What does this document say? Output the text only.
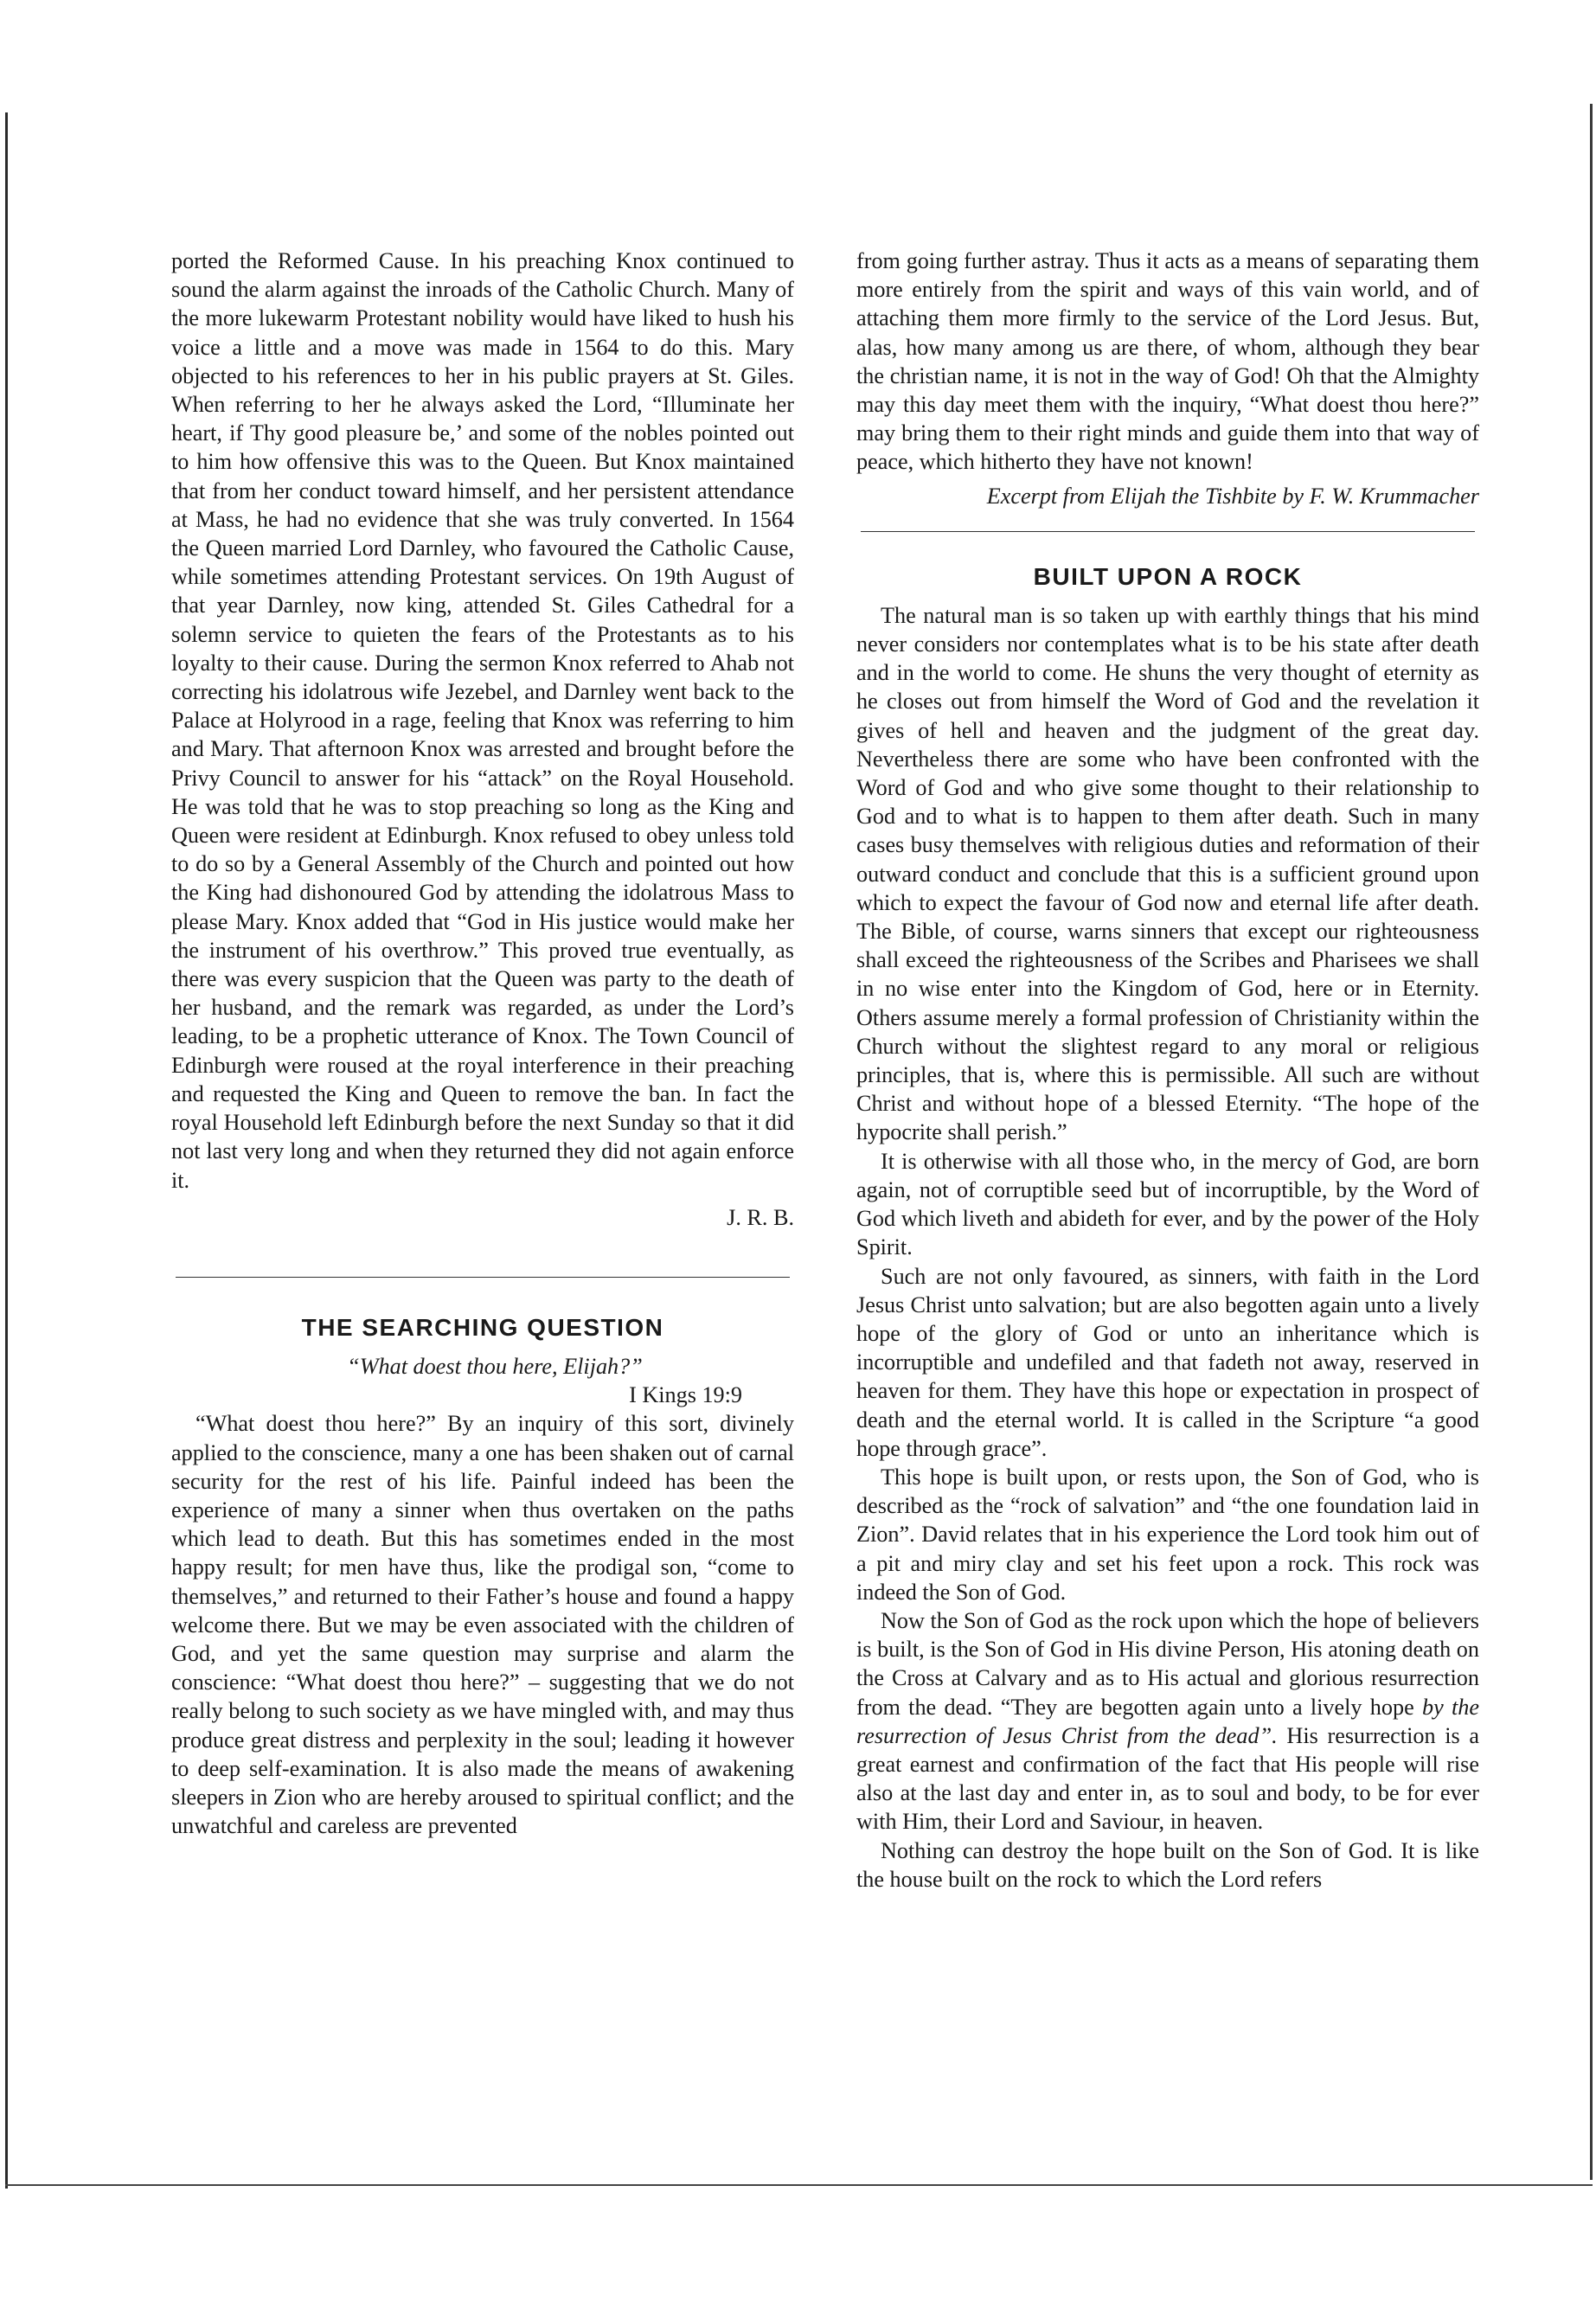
ported the Reformed Cause. In his preaching Knox continued to sound the alarm against the inroads of the Catholic Church. Many of the more lukewarm Protestant nobility would have liked to hush his voice a little and a move was made in 1564 to do this. Mary objected to his references to her in his public prayers at St. Giles. When referring to her he always asked the Lord, “Illuminate her heart, if Thy good pleasure be,’ and some of the nobles pointed out to him how offensive this was to the Queen. But Knox maintained that from her conduct toward himself, and her persistent attendance at Mass, he had no evidence that she was truly converted. In 1564 the Queen married Lord Darnley, who favoured the Catholic Cause, while sometimes attending Protestant services. On 19th August of that year Darnley, now king, attended St. Giles Cathedral for a solemn service to quieten the fears of the Protestants as to his loyalty to their cause. During the sermon Knox referred to Ahab not correcting his idolatrous wife Jezebel, and Darnley went back to the Palace at Holyrood in a rage, feeling that Knox was referring to him and Mary. That afternoon Knox was arrested and brought before the Privy Council to answer for his “attack” on the Royal Household. He was told that he was to stop preaching so long as the King and Queen were resident at Edinburgh. Knox refused to obey unless told to do so by a General Assembly of the Church and pointed out how the King had dishonoured God by attending the idolatrous Mass to please Mary. Knox added that “God in His justice would make her the instrument of his overthrow.” This proved true eventually, as there was every suspicion that the Queen was party to the death of her husband, and the remark was regarded, as under the Lord’s leading, to be a prophetic utterance of Knox. The Town Council of Edinburgh were roused at the royal interference in their preaching and requested the King and Queen to remove the ban. In fact the royal Household left Edinburgh before the next Sunday so that it did not last very long and when they returned they did not again enforce it.

J. R. B.
THE SEARCHING QUESTION

“What doest thou here, Elijah?”

I Kings 19:9

“What doest thou here?” By an inquiry of this sort, divinely applied to the conscience, many a one has been shaken out of carnal security for the rest of his life. Painful indeed has been the experience of many a sinner when thus overtaken on the paths which lead to death. But this has sometimes ended in the most happy result; for men have thus, like the prodigal son, “come to themselves,” and returned to their Father’s house and found a happy welcome there. But we may be even associated with the children of God, and yet the same question may surprise and alarm the conscience: “What doest thou here?” – suggesting that we do not really belong to such society as we have mingled with, and may thus produce great distress and perplexity in the soul; leading it however to deep self-examination. It is also made the means of awakening sleepers in Zion who are hereby aroused to spiritual conflict; and the unwatchful and careless are prevented

from going further astray. Thus it acts as a means of separating them more entirely from the spirit and ways of this vain world, and of attaching them more firmly to the service of the Lord Jesus. But, alas, how many among us are there, of whom, although they bear the christian name, it is not in the way of God! Oh that the Almighty may this day meet them with the inquiry, “What doest thou here?” may bring them to their right minds and guide them into that way of peace, which hitherto they have not known!

Excerpt from Elijah the Tishbite by F. W. Krummacher

BUILT UPON A ROCK

The natural man is so taken up with earthly things that his mind never considers nor contemplates what is to be his state after death and in the world to come. He shuns the very thought of eternity as he closes out from himself the Word of God and the revelation it gives of hell and heaven and the judgment of the great day. Nevertheless there are some who have been confronted with the Word of God and who give some thought to their relationship to God and to what is to happen to them after death. Such in many cases busy themselves with religious duties and reformation of their outward conduct and conclude that this is a sufficient ground upon which to expect the favour of God now and eternal life after death. The Bible, of course, warns sinners that except our righteousness shall exceed the righteousness of the Scribes and Pharisees we shall in no wise enter into the Kingdom of God, here or in Eternity. Others assume merely a formal profession of Christianity within the Church without the slightest regard to any moral or religious principles, that is, where this is permissible. All such are without Christ and without hope of a blessed Eternity. “The hope of the hypocrite shall perish.”

It is otherwise with all those who, in the mercy of God, are born again, not of corruptible seed but of incorruptible, by the Word of God which liveth and abideth for ever, and by the power of the Holy Spirit.

Such are not only favoured, as sinners, with faith in the Lord Jesus Christ unto salvation; but are also begotten again unto a lively hope of the glory of God or unto an inheritance which is incorruptible and undefiled and that fadeth not away, reserved in heaven for them. They have this hope or expectation in prospect of death and the eternal world. It is called in the Scripture “a good hope through grace”.

This hope is built upon, or rests upon, the Son of God, who is described as the “rock of salvation” and “the one foundation laid in Zion”. David relates that in his experience the Lord took him out of a pit and miry clay and set his feet upon a rock. This rock was indeed the Son of God.

Now the Son of God as the rock upon which the hope of believers is built, is the Son of God in His divine Person, His atoning death on the Cross at Calvary and as to His actual and glorious resurrection from the dead. “They are begotten again unto a lively hope by the resurrection of Jesus Christ from the dead”. His resurrection is a great earnest and confirmation of the fact that His people will rise also at the last day and enter in, as to soul and body, to be for ever with Him, their Lord and Saviour, in heaven.

Nothing can destroy the hope built on the Son of God. It is like the house built on the rock to which the Lord refers
